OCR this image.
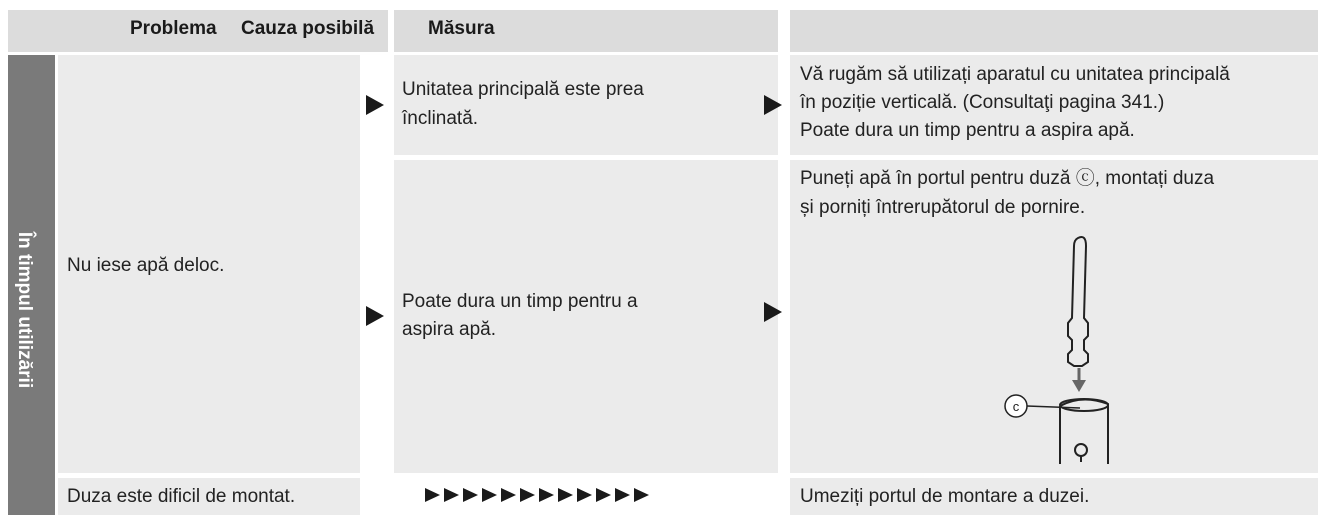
Problema Cauza posibilă	Măsura
În timpul utilizării Nu iese apă deloc.
Unitatea principală este prea
înclinată.
Vă rugăm să utilizați aparatul cu unitatea principală
în poziție verticală. (Consultaţi pagina 341.)
Poate dura un timp pentru a aspira apă.
Poate dura un timp pentru a
aspira apă.
Puneți apă în portul pentru duză ⓒ, montați duza
și porniți întrerupătorul de pornire.
c
Duza este dificil de montat.	Umeziți portul de montare a duzei.
